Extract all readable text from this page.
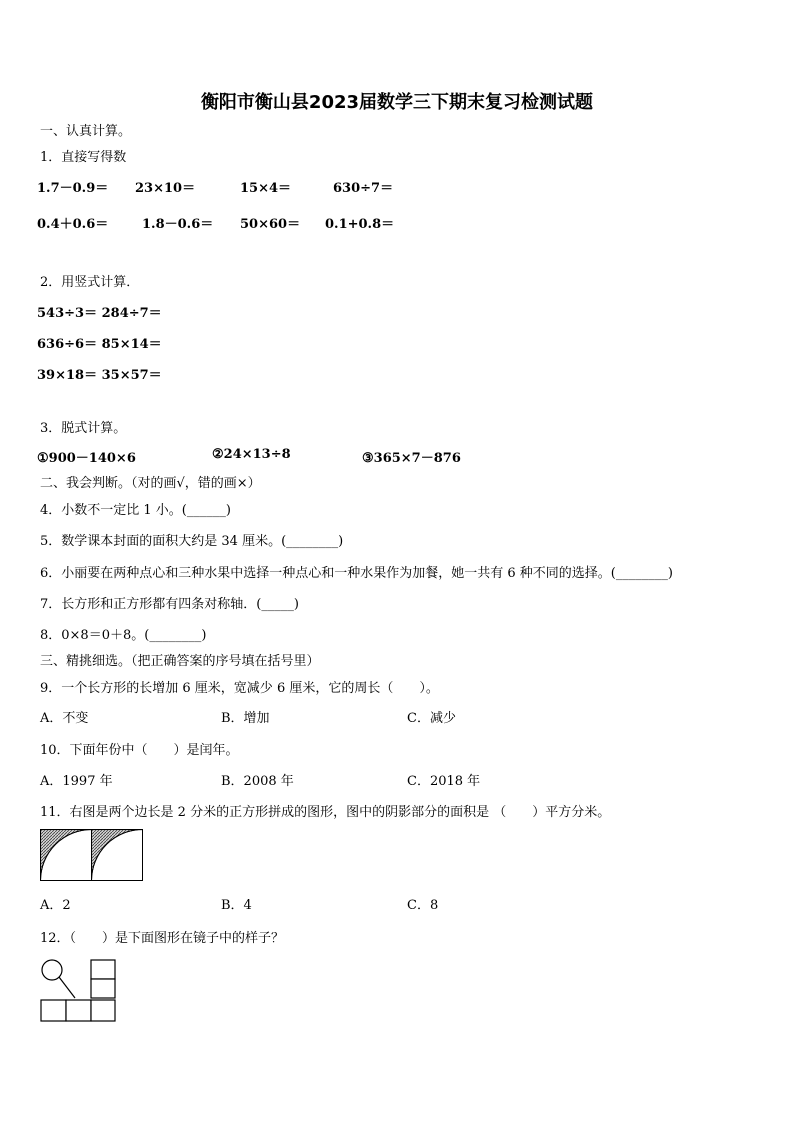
衡阳市衡山县2023届数学三下期末复习检测试题
一、认真计算。
1．直接写得数
1.7－0.9＝ 23×10＝	15×4＝	630÷7＝
0.4＋0.6＝	1.8－0.6＝ 50×60＝ 0.1+0.8＝
2．用竖式计算．
543÷3＝ 284÷7＝
636÷6＝ 85×14＝
39×18＝ 35×57＝
3．脱式计算。
①900－140×6	②24×13÷8	③365×7－876
二、我会判断。（对的画√，错的画×）
4．小数不一定比 1 小。(______)
5．数学课本封面的面积大约是 34 厘米。(________)
6．小丽要在两种点心和三种水果中选择一种点心和一种水果作为加餐，她一共有 6 种不同的选择。(________)
7．长方形和正方形都有四条对称轴．(_____)
8．0×8＝0＋8。(________)
三、精挑细选。（把正确答案的序号填在括号里）
9．一个长方形的长增加 6 厘米，宽减少 6 厘米，它的周长（　　）。
A．不变	B．增加	C．减少
10．下面年份中（　　）是闰年。
A．1997 年	B．2008 年	C．2018 年
11．右图是两个边长是 2 分米的正方形拼成的图形，图中的阴影部分的面积是 （　　）平方分米。
A．2	B．4	C．8
12．（　　）是下面图形在镜子中的样子？
